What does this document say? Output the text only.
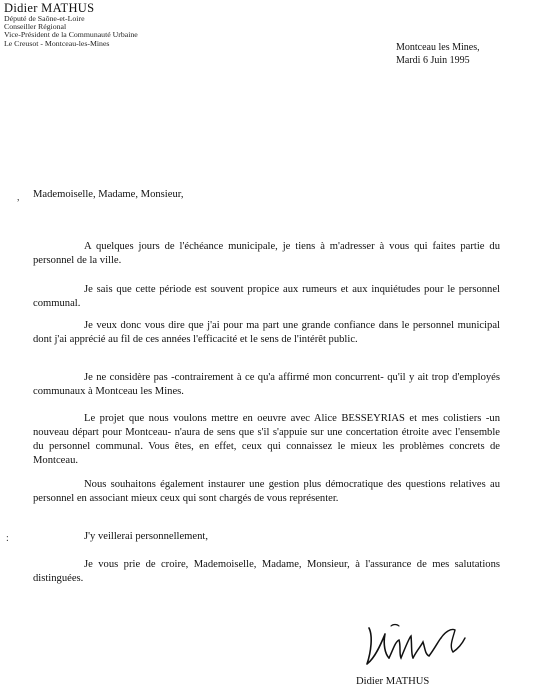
Didier MATHUS
Député de Saône-et-Loire
Conseiller Régional
Vice-Président de la Communauté Urbaine
Le Creusot - Montceau-les-Mines	Montceau les Mines,
Mardi 6 Juin 1995
,
:
Mademoiselle, Madame, Monsieur,
A quelques jours de l'échéance municipale, je tiens à m'adresser à vous qui faites partie du personnel de la ville.
Je sais que cette période est souvent propice aux rumeurs et aux inquiétudes pour le personnel communal.
Je veux donc vous dire que j'ai pour ma part une grande confiance dans le personnel municipal dont j'ai apprécié au fil de ces années l'efficacité et le sens de l'intérêt public.
Je ne considère pas -contrairement à ce qu'a affirmé mon concurrent- qu'il y ait trop d'employés communaux à Montceau les Mines.
Le projet que nous voulons mettre en oeuvre avec Alice BESSEYRIAS et mes colistiers -un nouveau départ pour Montceau- n'aura de sens que s'il s'appuie sur une concertation étroite avec l'ensemble du personnel communal. Vous êtes, en effet, ceux qui connaissez le mieux les problèmes concrets de Montceau.
Nous souhaitons également instaurer une gestion plus démocratique des questions relatives au personnel en associant mieux ceux qui sont chargés de vous représenter.
J'y veillerai personnellement,
Je vous prie de croire, Mademoiselle, Madame, Monsieur, à l'assurance de mes salutations distinguées.
Didier MATHUS
